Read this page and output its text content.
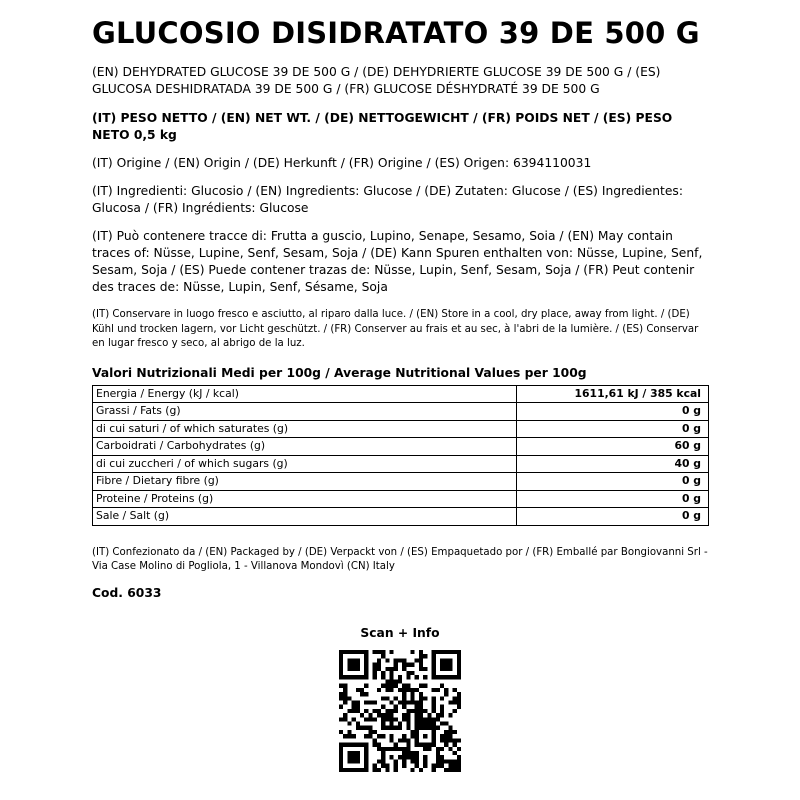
GLUCOSIO DISIDRATATO 39 DE 500 G

(EN) DEHYDRATED GLUCOSE 39 DE 500 G / (DE) DEHYDRIERTE GLUCOSE 39 DE 500 G / (ES) GLUCOSA DESHIDRATADA 39 DE 500 G / (FR) GLUCOSE DÉSHYDRATÉ 39 DE 500 G

(IT) PESO NETTO / (EN) NET WT. / (DE) NETTOGEWICHT / (FR) POIDS NET / (ES) PESO NETO 0,5 kg

(IT) Origine / (EN) Origin / (DE) Herkunft / (FR) Origine / (ES) Origen: 6394110031

(IT) Ingredienti: Glucosio / (EN) Ingredients: Glucose / (DE) Zutaten: Glucose / (ES) Ingredientes: Glucosa / (FR) Ingrédients: Glucose

(IT) Può contenere tracce di: Frutta a guscio, Lupino, Senape, Sesamo, Soia / (EN) May contain traces of: Nüsse, Lupine, Senf, Sesam, Soja / (DE) Kann Spuren enthalten von: Nüsse, Lupine, Senf, Sesam, Soja / (ES) Puede contener trazas de: Nüsse, Lupin, Senf, Sesam, Soja / (FR) Peut contenir des traces de: Nüsse, Lupin, Senf, Sésame, Soja

(IT) Conservare in luogo fresco e asciutto, al riparo dalla luce. / (EN) Store in a cool, dry place, away from light. / (DE) Kühl und trocken lagern, vor Licht geschützt. / (FR) Conserver au frais et au sec, à l'abri de la lumière. / (ES) Conservar en lugar fresco y seco, al abrigo de la luz.

Valori Nutrizionali Medi per 100g / Average Nutritional Values per 100g

Energia / Energy (kJ / kcal)	1611,61 kJ / 385 kcal
Grassi / Fats (g)	0 g
di cui saturi / of which saturates (g)	0 g
Carboidrati / Carbohydrates (g)	60 g
di cui zuccheri / of which sugars (g)	40 g
Fibre / Dietary fibre (g)	0 g
Proteine / Proteins (g)	0 g
Sale / Salt (g)	0 g

(IT) Confezionato da / (EN) Packaged by / (DE) Verpackt von / (ES) Empaquetado por / (FR) Emballé par Bongiovanni Srl - Via Case Molino di Pogliola, 1 - Villanova Mondovì (CN) Italy

Cod. 6033
Scan + Info
